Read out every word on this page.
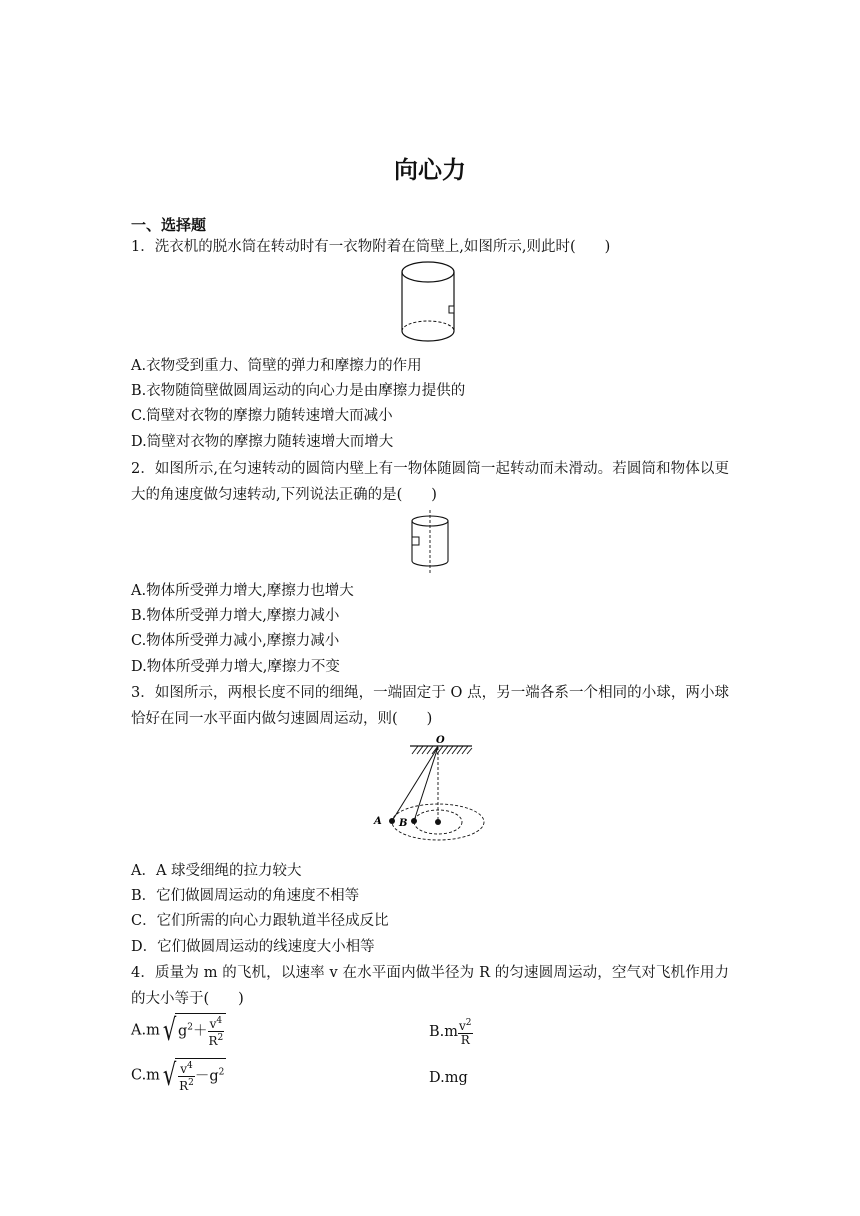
向心力
一、选择题
1．洗衣机的脱水筒在转动时有一衣物附着在筒壁上,如图所示,则此时(　　)
A.衣物受到重力、筒壁的弹力和摩擦力的作用
B.衣物随筒壁做圆周运动的向心力是由摩擦力提供的
C.筒壁对衣物的摩擦力随转速增大而减小
D.筒壁对衣物的摩擦力随转速增大而增大
2．如图所示,在匀速转动的圆筒内壁上有一物体随圆筒一起转动而未滑动。若圆筒和物体以更大的角速度做匀速转动,下列说法正确的是(　　)
A.物体所受弹力增大,摩擦力也增大
B.物体所受弹力增大,摩擦力减小
C.物体所受弹力减小,摩擦力减小
D.物体所受弹力增大,摩擦力不变
3．如图所示，两根长度不同的细绳，一端固定于 O 点，另一端各系一个相同的小球，两小球恰好在同一水平面内做匀速圆周运动，则(　　)
O
A B
A．A 球受细绳的拉力较大
B．它们做圆周运动的角速度不相等
C．它们所需的向心力跟轨道半径成反比
D．它们做圆周运动的线速度大小相等
4．质量为 m 的飞机，以速率 v 在水平面内做半径为 R 的匀速圆周运动，空气对飞机作用力的大小等于(　　)
A.m√ $g^2+ \frac{v^4}{R^2}$	$B.m \frac{v^2}{R}$
$C.m√ \frac{v^4}{R^2} -g^2$	D.mg
